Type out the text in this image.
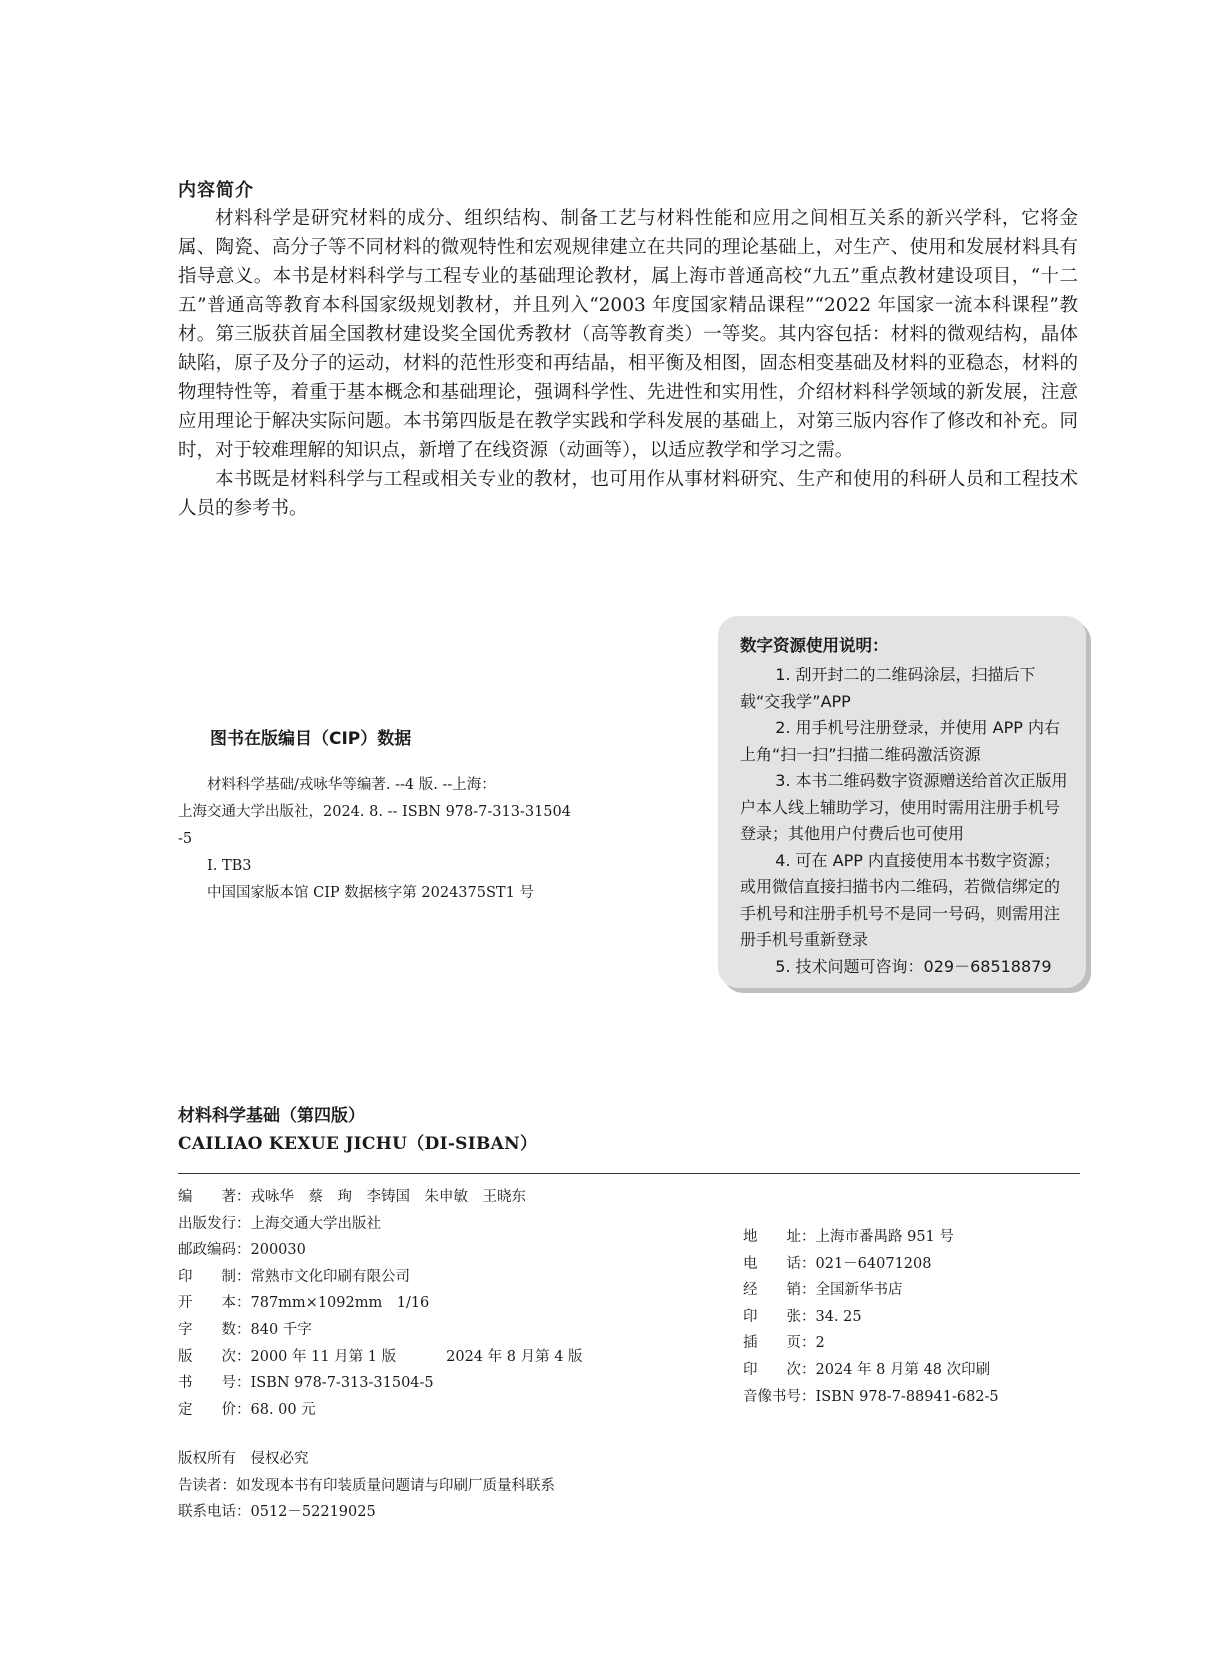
内容简介

材料科学是研究材料的成分、组织结构、制备工艺与材料性能和应用之间相互关系的新兴学科，它将金属、陶瓷、高分子等不同材料的微观特性和宏观规律建立在共同的理论基础上，对生产、使用和发展材料具有指导意义。本书是材料科学与工程专业的基础理论教材，属上海市普通高校“九五”重点教材建设项目，“十二五”普通高等教育本科国家级规划教材，并且列入“2003 年度国家精品课程”“2022 年国家一流本科课程”教材。第三版获首届全国教材建设奖全国优秀教材（高等教育类）一等奖。其内容包括：材料的微观结构，晶体缺陷，原子及分子的运动，材料的范性形变和再结晶，相平衡及相图，固态相变基础及材料的亚稳态，材料的物理特性等，着重于基本概念和基础理论，强调科学性、先进性和实用性，介绍材料科学领域的新发展，注意应用理论于解决实际问题。本书第四版是在教学实践和学科发展的基础上，对第三版内容作了修改和补充。同时，对于较难理解的知识点，新增了在线资源（动画等），以适应教学和学习之需。

本书既是材料科学与工程或相关专业的教材，也可用作从事材料研究、生产和使用的科研人员和工程技术人员的参考书。

数字资源使用说明：

1. 刮开封二的二维码涂层，扫描后下载“交我学”APP

2. 用手机号注册登录，并使用 APP 内右上角“扫一扫”扫描二维码激活资源

3. 本书二维码数字资源赠送给首次正版用户本人线上辅助学习，使用时需用注册手机号登录；其他用户付费后也可使用

4. 可在 APP 内直接使用本书数字资源；或用微信直接扫描书内二维码，若微信绑定的手机号和注册手机号不是同一号码，则需用注册手机号重新登录

5. 技术问题可咨询：029－68518879

图书在版编目（CIP）数据
材料科学基础/戎咏华等编著. --4 版. --上海：
上海交通大学出版社，2024. 8. -- ISBN 978-7-313-31504
-5
Ⅰ. TB3
中国国家版本馆 CIP 数据核字第 2024375ST1 号
材料科学基础（第四版）
CAILIAO KEXUE JICHU（DI-SIBAN）
编　　著：戎咏华　蔡　珣　李铸国　朱申敏　王晓东
出版发行：上海交通大学出版社
邮政编码：200030
印　　制：常熟市文化印刷有限公司
开　　本：787mm×1092mm　1/16
字　　数：840 千字
版　　次：2000 年 11 月第 1 版	2024 年 8 月第 4 版
书　　号：ISBN 978-7-313-31504-5
定　　价：68. 00 元
地　　址：上海市番禺路 951 号
电　　话：021－64071208
经　　销：全国新华书店
印　　张：34. 25
插　　页：2
印　　次：2024 年 8 月第 48 次印刷
音像书号：ISBN 978-7-88941-682-5
版权所有　侵权必究
告读者：如发现本书有印装质量问题请与印刷厂质量科联系
联系电话：0512－52219025
